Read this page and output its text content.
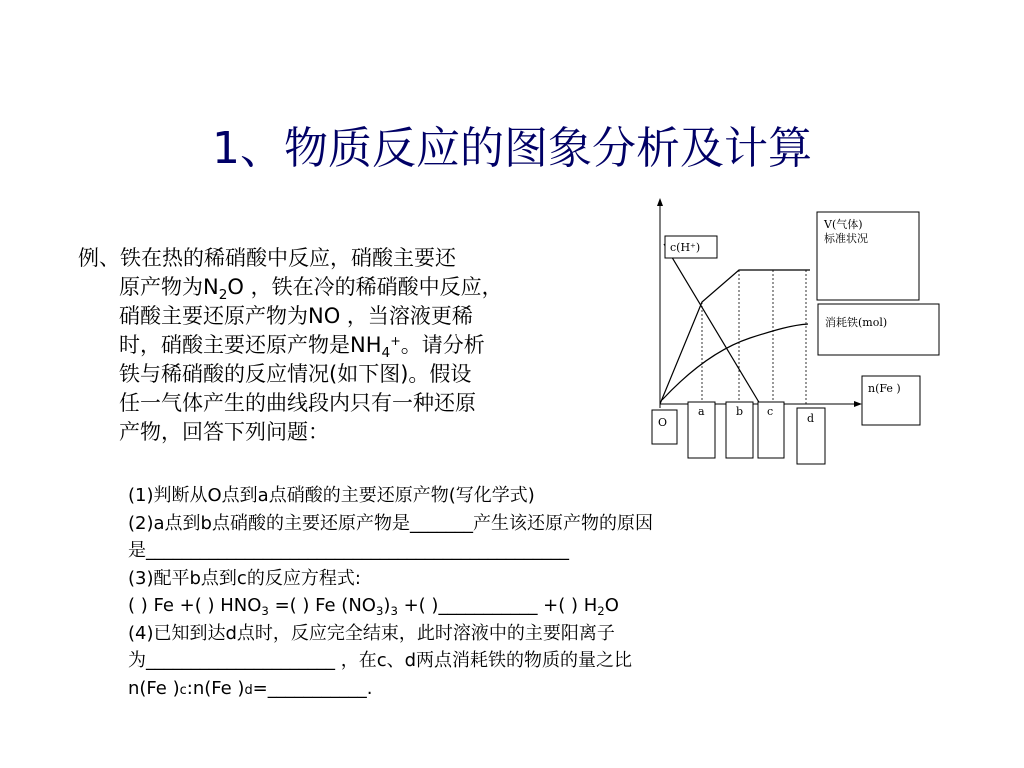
1、物质反应的图象分析及计算
例、铁在热的稀硝酸中反应，硝酸主要还
原产物为$N_2O$ ，铁在冷的稀硝酸中反应，
硝酸主要还原产物为NO ，当溶液更稀
时，硝酸主要还原产物是$NH_4^+$。请分析
铁与稀硝酸的反应情况(如下图)。假设
任一气体产生的曲线段内只有一种还原
产物，回答下列问题：
V(气体)
标准状况
c(H⁺)
消耗铁(mol)
n(Fe )
O
a	b c
d
(1)判断从O点到a点硝酸的主要还原产物(写化学式)
(2)a点到b点硝酸的主要还原产物是_______产生该还原产物的原因
是_______________________________________________
(3)配平b点到c的反应方程式:
( ) Fe +( ) $HNO_3$ =( ) Fe $(NO_3)_3$ +( )___________ +( ) $H_2O$
(4)已知到达d点时，反应完全结束，此时溶液中的主要阳离子
为_____________________ ，在c、d两点消耗铁的物质的量之比
n(Fe )c:n(Fe )d=___________.
